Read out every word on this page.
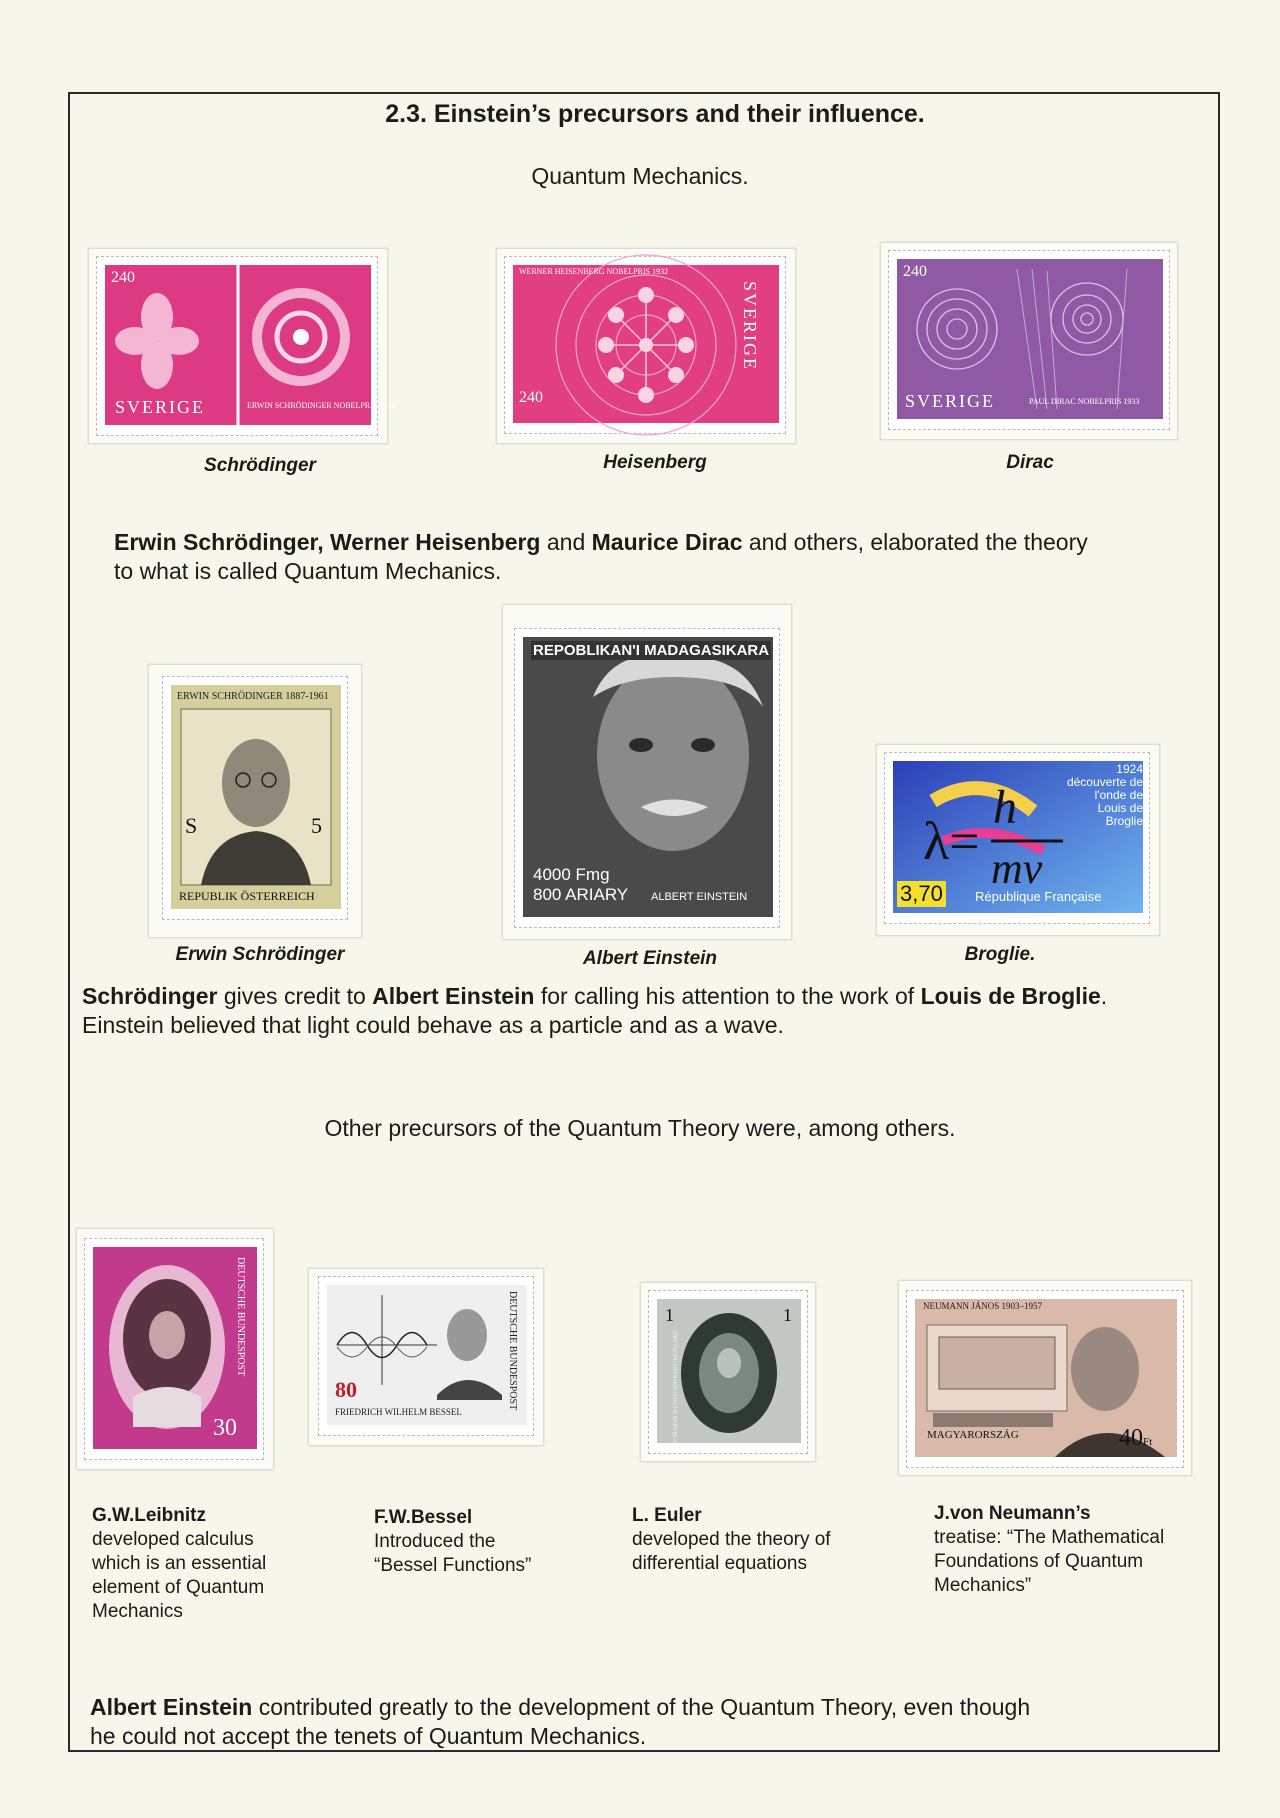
2.3. Einstein’s precursors and their influence.
Quantum Mechanics.
240
SVERIGE	ERWIN SCHRÖDINGER NOBELPRIS 1933
Schrödinger
WERNER HEISENBERG NOBELPRIS 1932
240
SVERIGE
Heisenberg
240
SVERIGE	PAUL DIRAC NOBELPRIS 1933
Dirac
Erwin Schrödinger, Werner Heisenberg and Maurice Dirac and others, elaborated the theory
to what is called Quantum Mechanics.
ERWIN SCHRÖDINGER 1887-1961
S	5
REPUBLIK ÖSTERREICH
Erwin Schrödinger
REPOBLIKAN'I MADAGASIKARA
4000 Fmg
800 ARIARY ALBERT EINSTEIN
Albert Einstein
λ=
h
mv
1924 découverte de l'onde de Louis de Broglie
3,70 République Française
Broglie.
Schrödinger gives credit to Albert Einstein for calling his attention to the work of Louis de Broglie.
Einstein believed that light could behave as a particle and as a wave.
Other precursors of the Quantum Theory were, among others.
DEUTSCHE BUNDESPOST
30
80
FRIEDRICH WILHELM BESSEL
DEUTSCHE BUNDESPOST	1	1
DEUTSCHE DEMOKRATISCHE REPUBLIK
NEUMANN JÁNOS 1903–1957
MAGYARORSZÁG	40Ft
G.W.Leibnitz
developed calculus
which is an essential
element of Quantum
Mechanics
F.W.Bessel
Introduced the
“Bessel Functions”
L. Euler
developed the theory of
differential equations
J.von Neumann’s
treatise: “The Mathematical
Foundations of Quantum
Mechanics”
Albert Einstein contributed greatly to the development of the Quantum Theory, even though
he could not accept the tenets of Quantum Mechanics.
